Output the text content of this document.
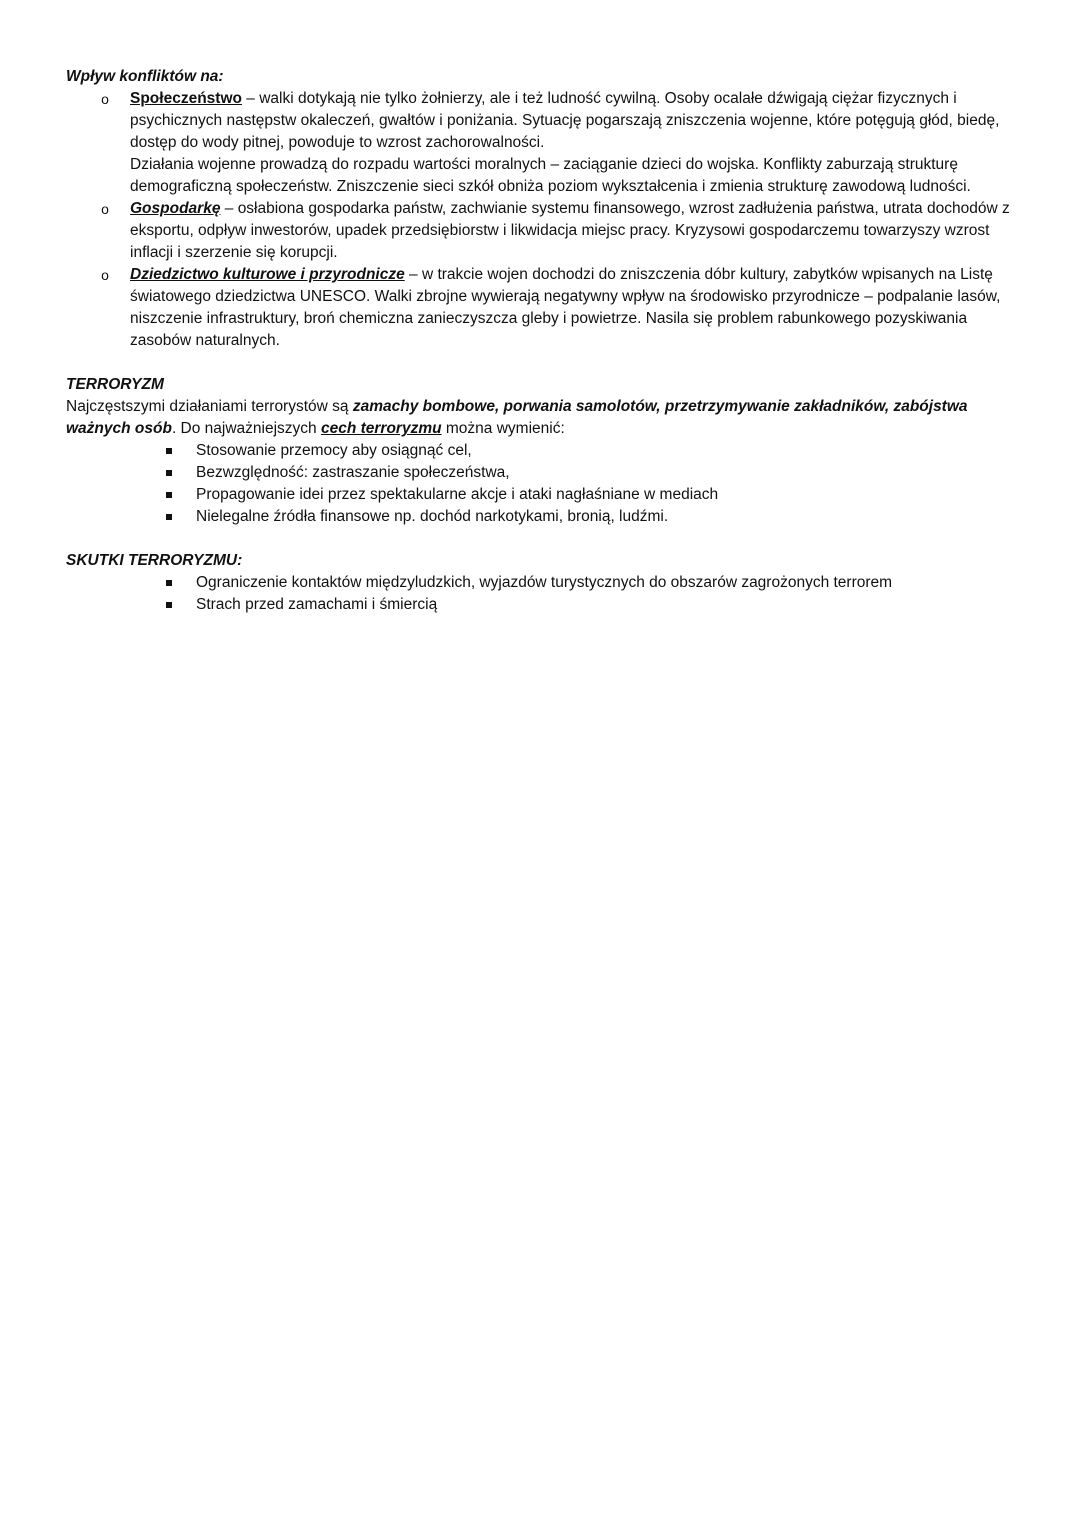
Wpływ konfliktów na:
o Społeczeństwo – walki dotykają nie tylko żołnierzy, ale i też ludność cywilną. Osoby ocalałe dźwigają ciężar fizycznych i psychicznych następstw okaleczeń, gwałtów i poniżania. Sytuację pogarszają zniszczenia wojenne, które potęgują głód, biedę, dostęp do wody pitnej, powoduje to wzrost zachorowalności.
Działania wojenne prowadzą do rozpadu wartości moralnych – zaciąganie dzieci do wojska. Konflikty zaburzają strukturę demograficzną społeczeństw. Zniszczenie sieci szkół obniża poziom wykształcenia i zmienia strukturę zawodową ludności.
o Gospodarkę – osłabiona gospodarka państw, zachwianie systemu finansowego, wzrost zadłużenia państwa, utrata dochodów z eksportu, odpływ inwestorów, upadek przedsiębiorstw i likwidacja miejsc pracy. Kryzysowi gospodarczemu towarzyszy wzrost inflacji i szerzenie się korupcji.
o Dziedzictwo kulturowe i przyrodnicze – w trakcie wojen dochodzi do zniszczenia dóbr kultury, zabytków wpisanych na Listę światowego dziedzictwa UNESCO. Walki zbrojne wywierają negatywny wpływ na środowisko przyrodnicze – podpalanie lasów, niszczenie infrastruktury, broń chemiczna zanieczyszcza gleby i powietrze. Nasila się problem rabunkowego pozyskiwania zasobów naturalnych.
TERRORYZM
Najczęstszymi działaniami terrorystów są zamachy bombowe, porwania samolotów, przetrzymywanie zakładników, zabójstwa ważnych osób. Do najważniejszych cech terroryzmu można wymienić:
Stosowanie przemocy aby osiągnąć cel,
Bezwzględność: zastraszanie społeczeństwa,
Propagowanie idei przez spektakularne akcje i ataki nagłaśniane w mediach
Nielegalne źródła finansowe np. dochód narkotykami, bronią, ludźmi.
SKUTKI TERRORYZMU:
Ograniczenie kontaktów międzyludzkich, wyjazdów turystycznych do obszarów zagrożonych terrorem
Strach przed zamachami i śmiercią
